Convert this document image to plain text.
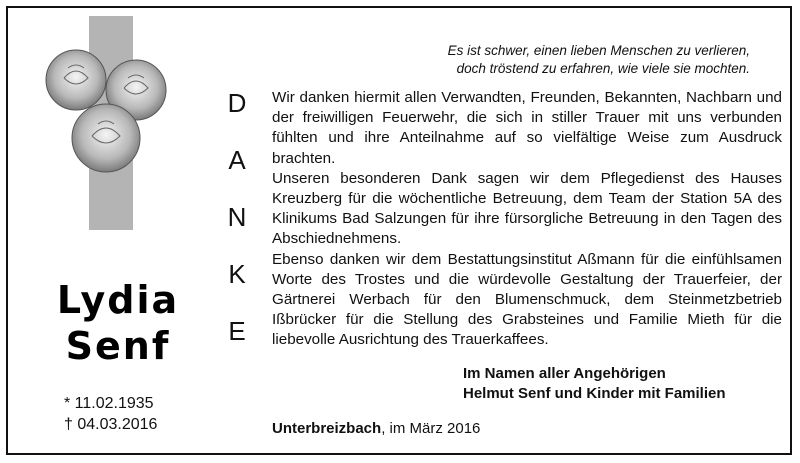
Es ist schwer, einen lieben Menschen zu verlieren,
doch tröstend zu erfahren, wie viele sie mochten.
D
A
N
K
E

Wir danken hiermit allen Verwandten, Freunden, Bekannten, Nachbarn und der freiwilligen Feuerwehr, die sich in stiller Trauer mit uns verbunden fühlten und ihre Anteilnahme auf so vielfältige Weise zum Ausdruck brachten.

Unseren besonderen Dank sagen wir dem Pflegedienst des Hauses Kreuzberg für die wöchentliche Betreuung, dem Team der Station 5A des Klinikums Bad Salzungen für ihre fürsorgliche Betreuung in den Tagen des Abschiednehmens.

Ebenso danken wir dem Bestattungsinstitut Aßmann für die einfühlsamen Worte des Trostes und die würdevolle Gestaltung der Trauerfeier, der Gärtnerei Werbach für den Blumenschmuck, dem Steinmetzbetrieb Ißbrücker für die Stellung des Grabsteines und Familie Mieth für die liebevolle Ausrichtung des Trauerkaffees.

Lydia
Senf
* 11.02.1935
† 04.03.2016
Im Namen aller Angehörigen
Helmut Senf und Kinder mit Familien
Unterbreizbach, im März 2016
